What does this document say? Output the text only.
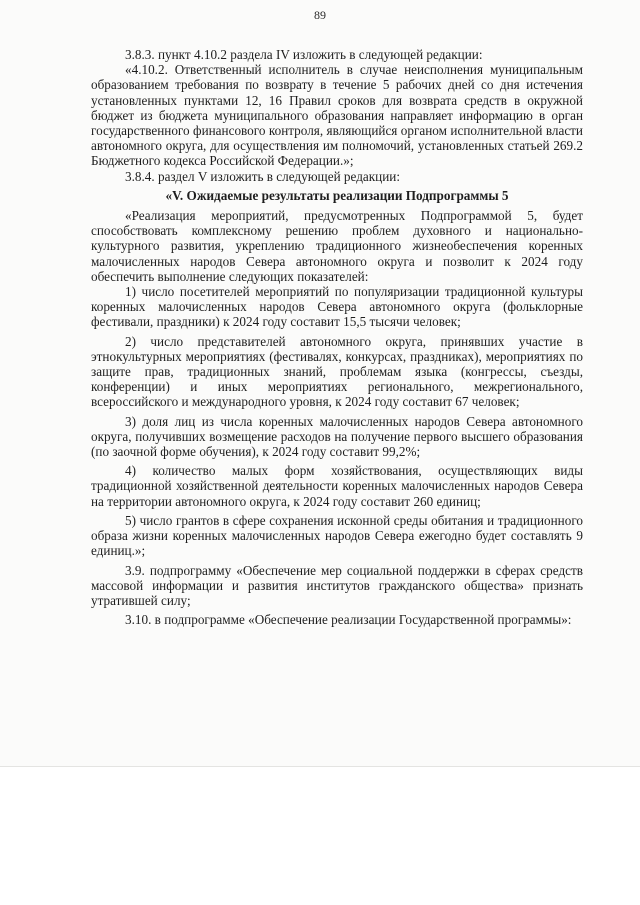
89

3.8.3. пункт 4.10.2 раздела IV изложить в следующей редакции:

«4.10.2. Ответственный исполнитель в случае неисполнения муниципальным образованием требования по возврату в течение 5 рабочих дней со дня истечения установленных пунктами 12, 16 Правил сроков для возврата средств в окружной бюджет из бюджета муниципального образования направляет информацию в орган государственного финансового контроля, являющийся органом исполнительной власти автономного округа, для осуществления им полномочий, установленных статьей 269.2 Бюджетного кодекса Российской Федерации.»;

3.8.4. раздел V изложить в следующей редакции:

«V. Ожидаемые результаты реализации Подпрограммы 5

«Реализация мероприятий, предусмотренных Подпрограммой 5, будет способствовать комплексному решению проблем духовного и национально-культурного развития, укреплению традиционного жизнеобеспечения коренных малочисленных народов Севера автономного округа и позволит к 2024 году обеспечить выполнение следующих показателей:

1) число посетителей мероприятий по популяризации традиционной культуры коренных малочисленных народов Севера автономного округа (фольклорные фестивали, праздники) к 2024 году составит 15,5 тысячи человек;

2) число представителей автономного округа, принявших участие в этнокультурных мероприятиях (фестивалях, конкурсах, праздниках), мероприятиях по защите прав, традиционных знаний, проблемам языка (конгрессы, съезды, конференции) и иных мероприятиях регионального, межрегионального, всероссийского и международного уровня, к 2024 году составит 67 человек;

3) доля лиц из числа коренных малочисленных народов Севера автономного округа, получивших возмещение расходов на получение первого высшего образования (по заочной форме обучения), к 2024 году составит 99,2%;

4) количество малых форм хозяйствования, осуществляющих виды традиционной хозяйственной деятельности коренных малочисленных народов Севера на территории автономного округа, к 2024 году составит 260 единиц;

5) число грантов в сфере сохранения исконной среды обитания и традиционного образа жизни коренных малочисленных народов Севера ежегодно будет составлять 9 единиц.»;

3.9. подпрограмму «Обеспечение мер социальной поддержки в сферах средств массовой информации и развития институтов гражданского общества» признать утратившей силу;

3.10. в подпрограмме «Обеспечение реализации Государственной программы»:
